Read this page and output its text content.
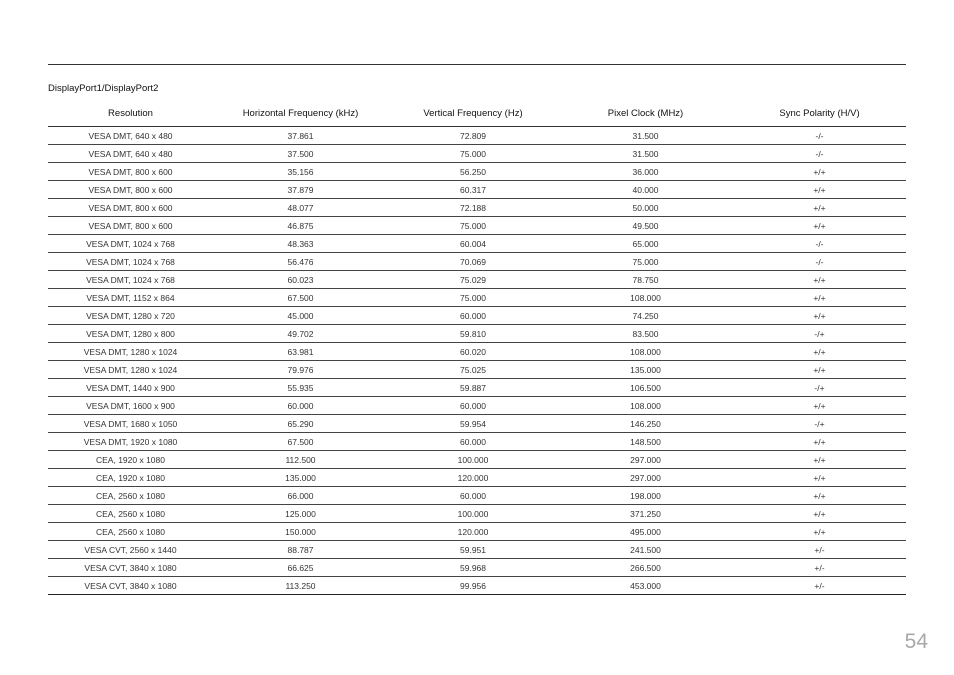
DisplayPort1/DisplayPort2
Resolution	Horizontal Frequency (kHz)	Vertical Frequency (Hz)	Pixel Clock (MHz)	Sync Polarity (H/V)
VESA DMT, 640 x 480	37.861	72.809	31.500	-/-
VESA DMT, 640 x 480	37.500	75.000	31.500	-/-
VESA DMT, 800 x 600	35.156	56.250	36.000	+/+
VESA DMT, 800 x 600	37.879	60.317	40.000	+/+
VESA DMT, 800 x 600	48.077	72.188	50.000	+/+
VESA DMT, 800 x 600	46.875	75.000	49.500	+/+
VESA DMT, 1024 x 768	48.363	60.004	65.000	-/-
VESA DMT, 1024 x 768	56.476	70.069	75.000	-/-
VESA DMT, 1024 x 768	60.023	75.029	78.750	+/+
VESA DMT, 1152 x 864	67.500	75.000	108.000	+/+
VESA DMT, 1280 x 720	45.000	60.000	74.250	+/+
VESA DMT, 1280 x 800	49.702	59.810	83.500	-/+
VESA DMT, 1280 x 1024	63.981	60.020	108.000	+/+
VESA DMT, 1280 x 1024	79.976	75.025	135.000	+/+
VESA DMT, 1440 x 900	55.935	59.887	106.500	-/+
VESA DMT, 1600 x 900	60.000	60.000	108.000	+/+
VESA DMT, 1680 x 1050	65.290	59.954	146.250	-/+
VESA DMT, 1920 x 1080	67.500	60.000	148.500	+/+
CEA, 1920 x 1080	112.500	100.000	297.000	+/+
CEA, 1920 x 1080	135.000	120.000	297.000	+/+
CEA, 2560 x 1080	66.000	60.000	198.000	+/+
CEA, 2560 x 1080	125.000	100.000	371.250	+/+
CEA, 2560 x 1080	150.000	120.000	495.000	+/+
VESA CVT, 2560 x 1440	88.787	59.951	241.500	+/-
VESA CVT, 3840 x 1080	66.625	59.968	266.500	+/-
VESA CVT, 3840 x 1080	113.250	99.956	453.000	+/-
54
